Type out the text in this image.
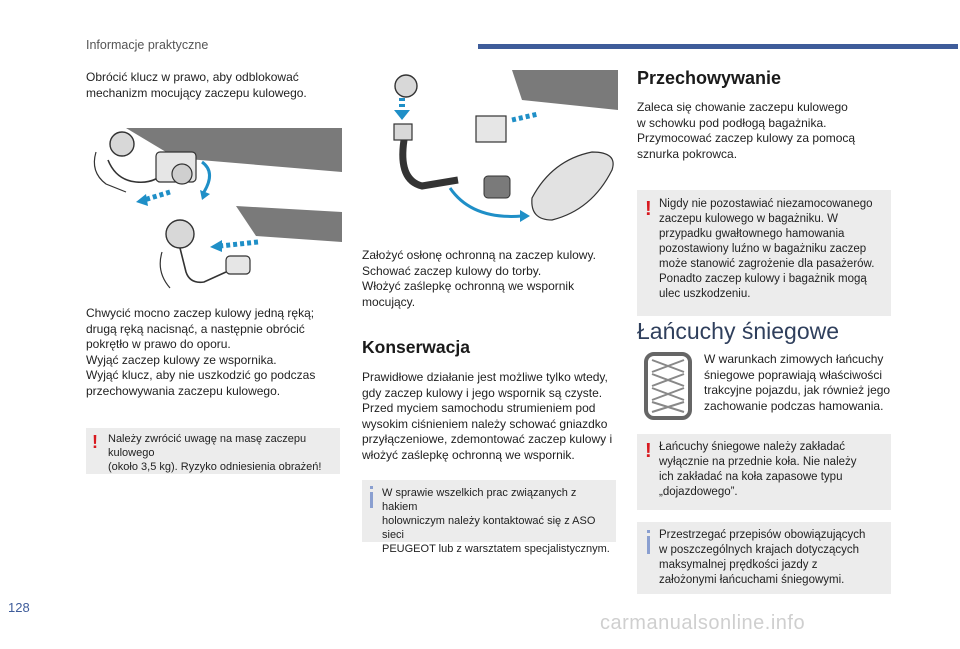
Informacje praktyczne
Obrócić klucz w prawo, aby odblokować
mechanizm mocujący zaczepu kulowego.
Chwycić mocno zaczep kulowy jedną ręką;
drugą ręką nacisnąć, a następnie obrócić
pokrętło w prawo do oporu.
Wyjąć zaczep kulowy ze wspornika.
Wyjąć klucz, aby nie uszkodzić go podczas
przechowywania zaczepu kulowego.
! Należy zwrócić uwagę na masę zaczepu kulowego
(około 3,5 kg). Ryzyko odniesienia obrażeń!
Założyć osłonę ochronną na zaczep kulowy.
Schować zaczep kulowy do torby.
Włożyć zaślepkę ochronną we wspornik
mocujący.
Konserwacja
Prawidłowe działanie jest możliwe tylko wtedy,
gdy zaczep kulowy i jego wspornik są czyste.
Przed myciem samochodu strumieniem pod
wysokim ciśnieniem należy schować gniazdko
przyłączeniowe, zdemontować zaczep kulowy i
włożyć zaślepkę ochronną we wspornik.
W sprawie wszelkich prac związanych z hakiem
holowniczym należy kontaktować się z ASO sieci
PEUGEOT lub z warsztatem specjalistycznym.
Przechowywanie
Zaleca się chowanie zaczepu kulowego
w schowku pod podłogą bagażnika.
Przymocować zaczep kulowy za pomocą
sznurka pokrowca.
! Nigdy nie pozostawiać niezamocowanego
zaczepu kulowego w bagażniku. W
przypadku gwałtownego hamowania
pozostawiony luźno w bagażniku zaczep
może stanowić zagrożenie dla pasażerów.
Ponadto zaczep kulowy i bagażnik mogą
ulec uszkodzeniu.
Łańcuchy śniegowe
W warunkach zimowych łańcuchy
śniegowe poprawiają właściwości
trakcyjne pojazdu, jak również jego
zachowanie podczas hamowania.
! Łańcuchy śniegowe należy zakładać
wyłącznie na przednie koła. Nie należy
ich zakładać na koła zapasowe typu
„dojazdowego”.
Przestrzegać przepisów obowiązujących
w poszczególnych krajach dotyczących
maksymalnej prędkości jazdy z
założonymi łańcuchami śniegowymi.
128
carmanualsonline.info
